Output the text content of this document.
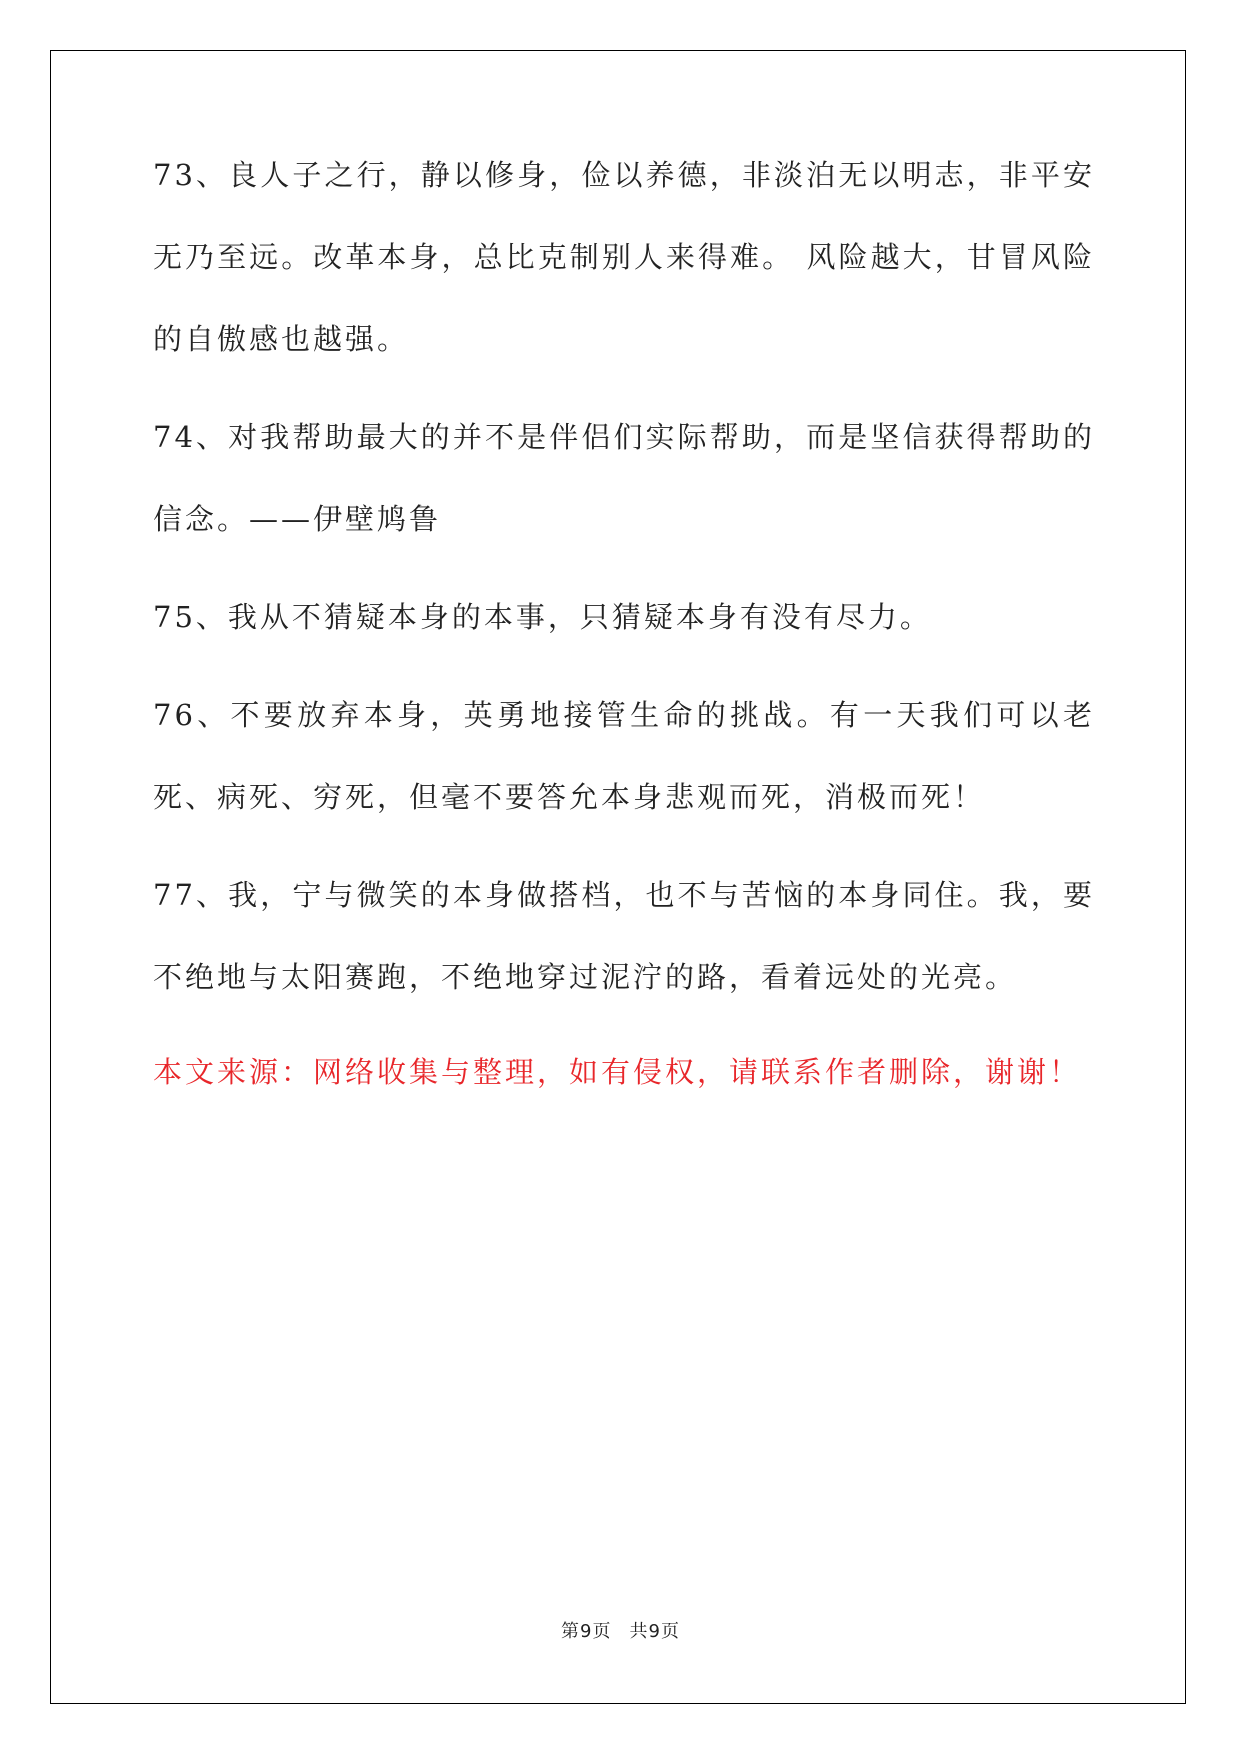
73、良人子之行，静以修身，俭以养德，非淡泊无以明志，非平安无乃至远。改革本身，总比克制别人来得难。 风险越大，甘冒风险的自傲感也越强。

74、对我帮助最大的并不是伴侣们实际帮助，而是坚信获得帮助的信念。——伊壁鸠鲁

75、我从不猜疑本身的本事，只猜疑本身有没有尽力。

76、不要放弃本身，英勇地接管生命的挑战。有一天我们可以老死、病死、穷死，但毫不要答允本身悲观而死，消极而死！

77、我，宁与微笑的本身做搭档，也不与苦恼的本身同住。我，要不绝地与太阳赛跑，不绝地穿过泥泞的路，看着远处的光亮。

本文来源：网络收集与整理，如有侵权，请联系作者删除，谢谢！
第9页 共9页
